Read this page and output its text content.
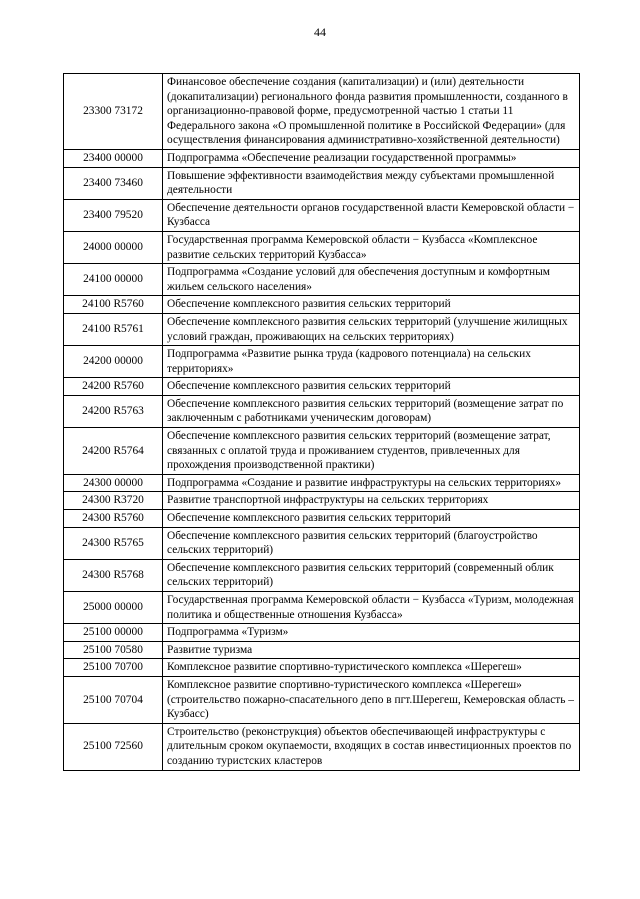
44
23300 73172	Финансовое обеспечение создания (капитализации) и (или) деятельности (докапитализации) регионального фонда развития промышленности, созданного в организационно-правовой форме, предусмотренной частью 1 статьи 11 Федерального закона «О промышленной политике в Российской Федерации» (для осуществления финансирования административно-хозяйственной деятельности)
23400 00000	Подпрограмма «Обеспечение реализации государственной программы»
23400 73460	Повышение эффективности взаимодействия между субъектами промышленной деятельности
23400 79520	Обеспечение деятельности органов государственной власти Кемеровской области − Кузбасса
24000 00000	Государственная программа Кемеровской области − Кузбасса «Комплексное развитие сельских территорий Кузбасса»
24100 00000	Подпрограмма «Создание условий для обеспечения доступным и комфортным жильем сельского населения»
24100 R5760	Обеспечение комплексного развития сельских территорий
24100 R5761	Обеспечение комплексного развития сельских территорий (улучшение жилищных условий граждан, проживающих на сельских территориях)
24200 00000	Подпрограмма «Развитие рынка труда (кадрового потенциала) на сельских территориях»
24200 R5760	Обеспечение комплексного развития сельских территорий
24200 R5763	Обеспечение комплексного развития сельских территорий (возмещение затрат по заключенным с работниками ученическим договорам)
24200 R5764	Обеспечение комплексного развития сельских территорий (возмещение затрат, связанных с оплатой труда и проживанием студентов, привлеченных для прохождения производственной практики)
24300 00000	Подпрограмма «Создание и развитие инфраструктуры на сельских территориях»
24300 R3720	Развитие транспортной инфраструктуры на сельских территориях
24300 R5760	Обеспечение комплексного развития сельских территорий
24300 R5765	Обеспечение комплексного развития сельских территорий (благоустройство сельских территорий)
24300 R5768	Обеспечение комплексного развития сельских территорий (современный облик сельских территорий)
25000 00000	Государственная программа Кемеровской области − Кузбасса «Туризм, молодежная политика и общественные отношения Кузбасса»
25100 00000	Подпрограмма «Туризм»
25100 70580	Развитие туризма
25100 70700	Комплексное развитие спортивно-туристического комплекса «Шерегеш»
25100 70704	Комплексное развитие спортивно-туристического комплекса «Шерегеш» (строительство пожарно-спасательного депо в пгт.Шерегеш, Кемеровская область – Кузбасс)
25100 72560	Строительство (реконструкция) объектов обеспечивающей инфраструктуры с длительным сроком окупаемости, входящих в состав инвестиционных проектов по созданию туристских кластеров
